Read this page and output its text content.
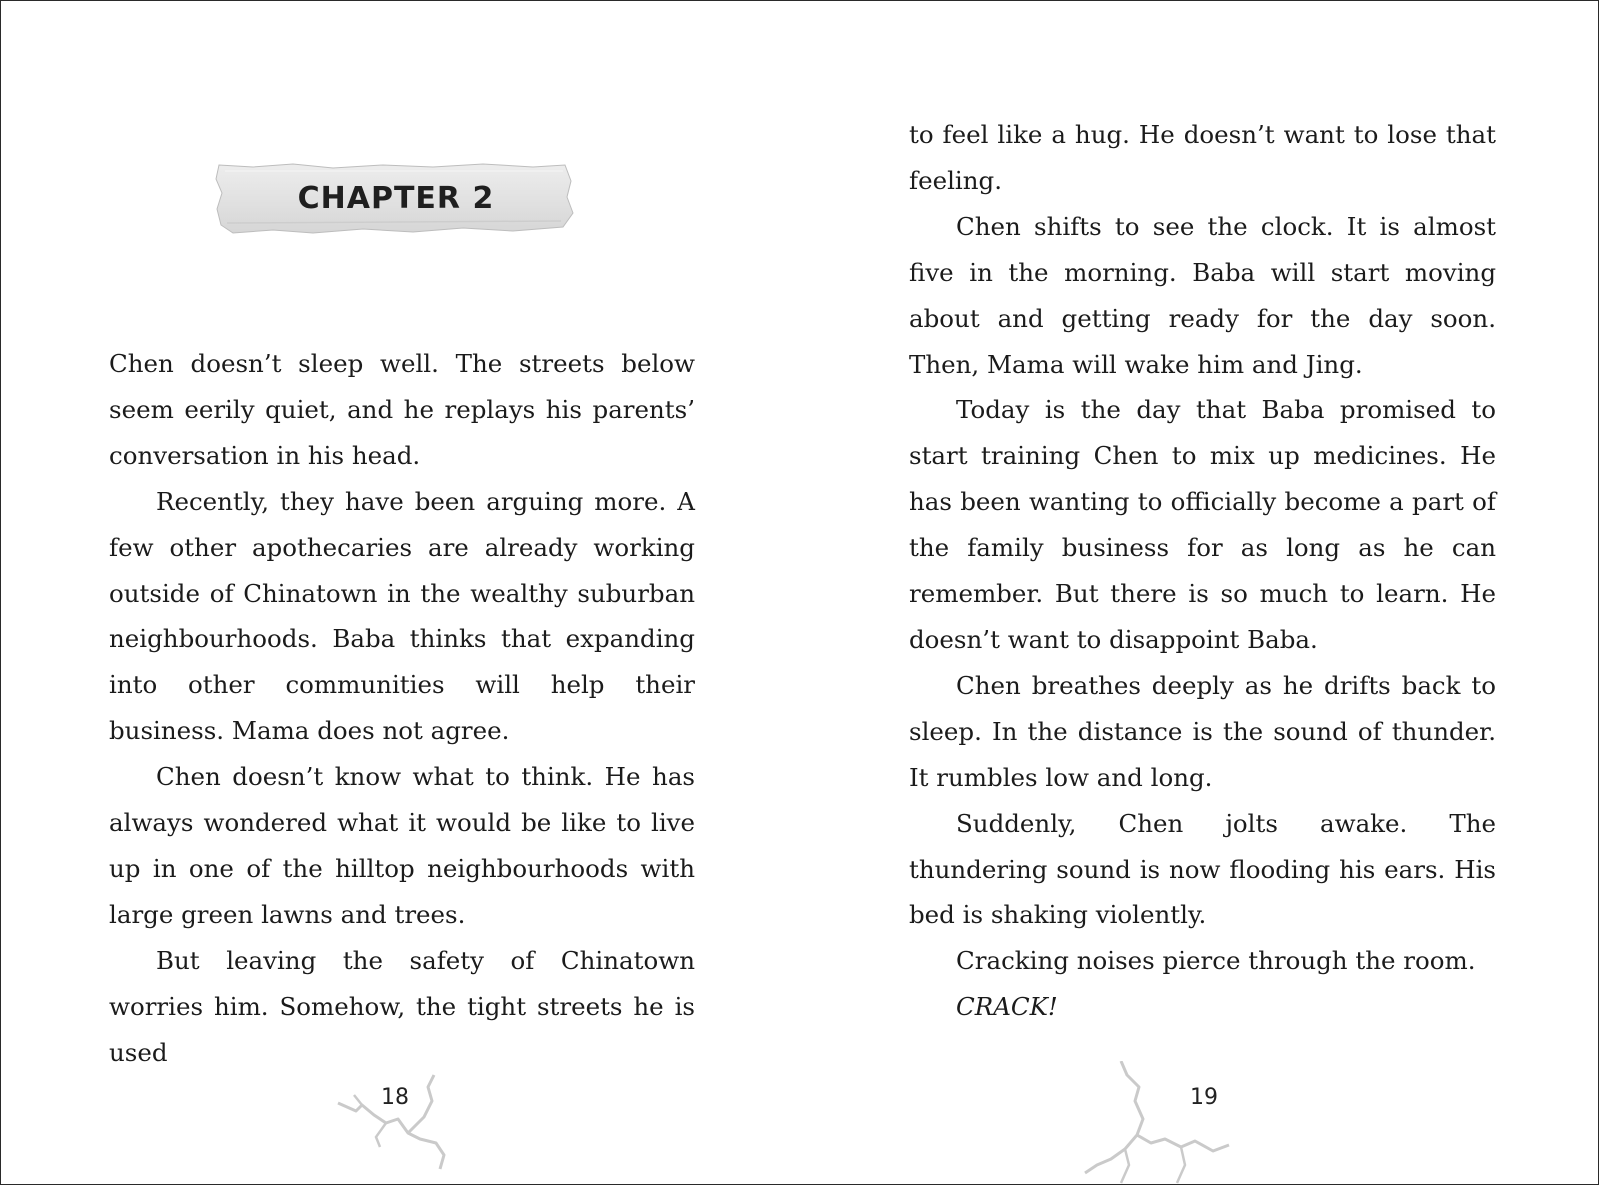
CHAPTER 2

Chen doesn’t sleep well. The streets below seem eerily quiet, and he replays his parents’ conversation in his head.

Recently, they have been arguing more. A few other apothecaries are already working outside of Chinatown in the wealthy suburban neighbourhoods. Baba thinks that expanding into other communities will help their business. Mama does not agree.

Chen doesn’t know what to think. He has always wondered what it would be like to live up in one of the hilltop neighbourhoods with large green lawns and trees.

But leaving the safety of Chinatown worries him. Somehow, the tight streets he is used

18

to feel like a hug. He doesn’t want to lose that feeling.

Chen shifts to see the clock. It is almost five in the morning. Baba will start moving about and getting ready for the day soon. Then, Mama will wake him and Jing.

Today is the day that Baba promised to start training Chen to mix up medicines. He has been wanting to officially become a part of the family business for as long as he can remember. But there is so much to learn. He doesn’t want to disappoint Baba.

Chen breathes deeply as he drifts back to sleep. In the distance is the sound of thunder. It rumbles low and long.

Suddenly, Chen jolts awake. The thundering sound is now flooding his ears. His bed is shaking violently.

Cracking noises pierce through the room.

CRACK!

19
